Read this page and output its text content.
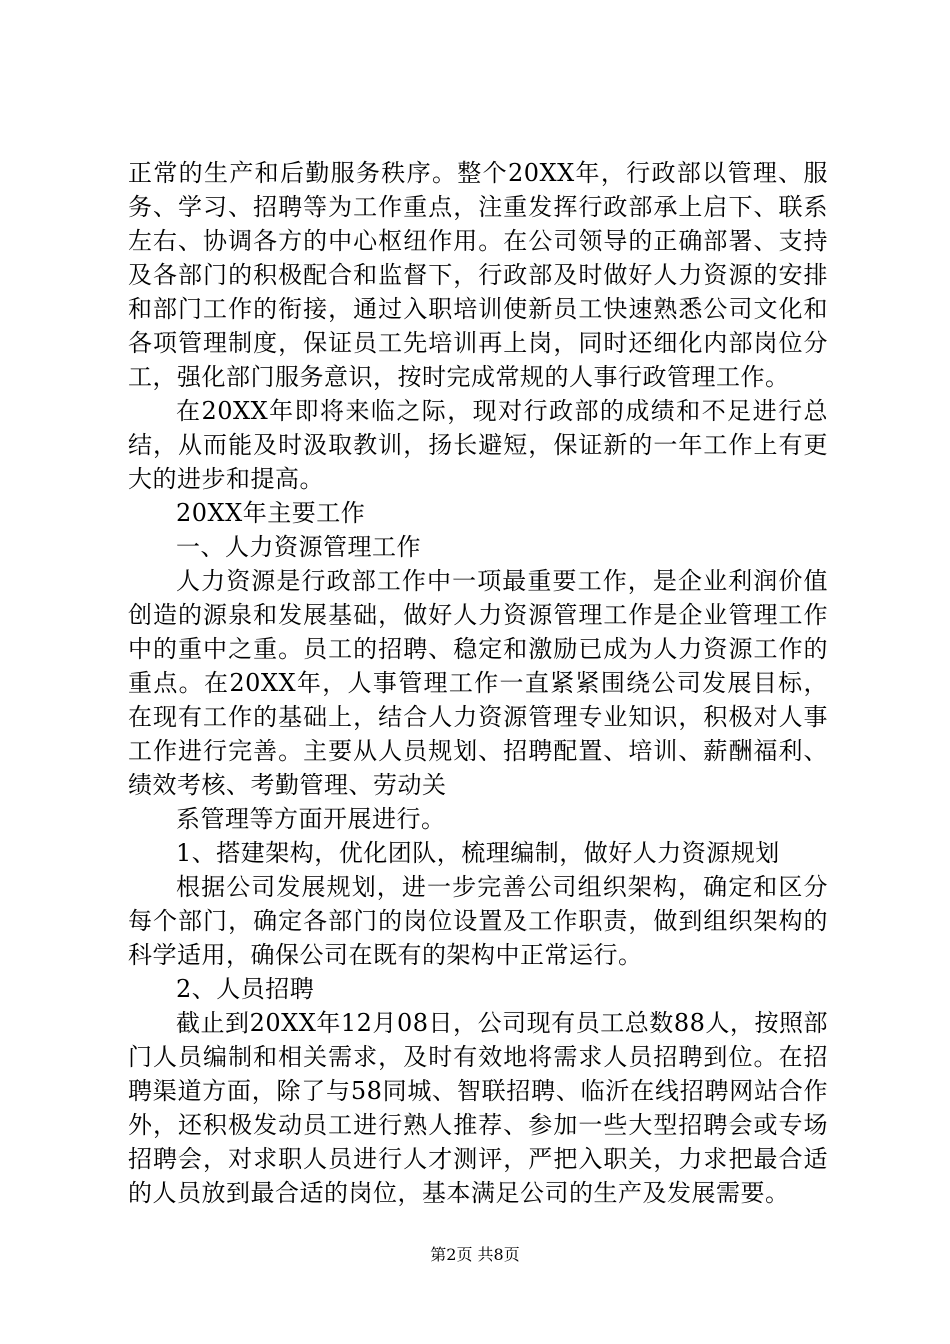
正常的生产和后勤服务秩序。整个20XX年，行政部以管理、服务、学习、招聘等为工作重点，注重发挥行政部承上启下、联系左右、协调各方的中心枢纽作用。在公司领导的正确部署、支持及各部门的积极配合和监督下，行政部及时做好人力资源的安排和部门工作的衔接，通过入职培训使新员工快速熟悉公司文化和各项管理制度，保证员工先培训再上岗，同时还细化内部岗位分工，强化部门服务意识，按时完成常规的人事行政管理工作。

在20XX年即将来临之际，现对行政部的成绩和不足进行总结，从而能及时汲取教训，扬长避短，保证新的一年工作上有更大的进步和提高。

20XX年主要工作

一、人力资源管理工作

人力资源是行政部工作中一项最重要工作，是企业利润价值创造的源泉和发展基础，做好人力资源管理工作是企业管理工作中的重中之重。员工的招聘、稳定和激励已成为人力资源工作的重点。在20XX年，人事管理工作一直紧紧围绕公司发展目标，在现有工作的基础上，结合人力资源管理专业知识，积极对人事工作进行完善。主要从人员规划、招聘配置、培训、薪酬福利、绩效考核、考勤管理、劳动关

系管理等方面开展进行。

1、搭建架构，优化团队，梳理编制，做好人力资源规划

根据公司发展规划，进一步完善公司组织架构，确定和区分每个部门，确定各部门的岗位设置及工作职责，做到组织架构的科学适用，确保公司在既有的架构中正常运行。

2、人员招聘

截止到20XX年12月08日，公司现有员工总数88人，按照部门人员编制和相关需求，及时有效地将需求人员招聘到位。在招聘渠道方面，除了与58同城、智联招聘、临沂在线招聘网站合作外，还积极发动员工进行熟人推荐、参加一些大型招聘会或专场招聘会，对求职人员进行人才测评，严把入职关，力求把最合适的人员放到最合适的岗位，基本满足公司的生产及发展需要。

第2页 共8页
